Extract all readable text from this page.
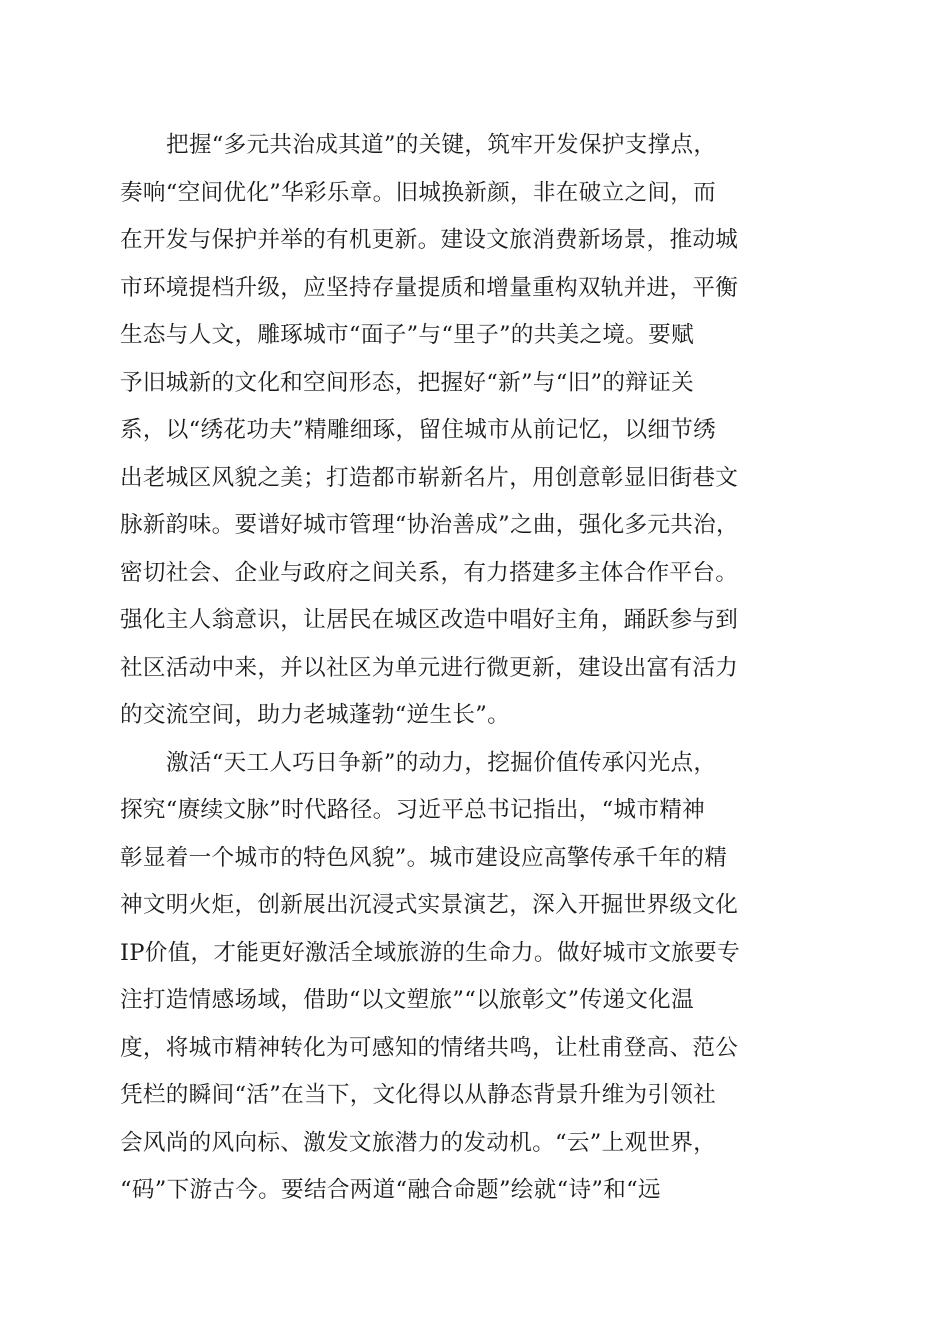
把握“多元共治成其道”的关键，筑牢开发保护支撑点，
奏响“空间优化”华彩乐章。旧城换新颜，非在破立之间，而
在开发与保护并举的有机更新。建设文旅消费新场景，推动城
市环境提档升级，应坚持存量提质和增量重构双轨并进，平衡
生态与人文，雕琢城市“面子”与“里子”的共美之境。要赋
予旧城新的文化和空间形态，把握好“新”与“旧”的辩证关
系，以“绣花功夫”精雕细琢，留住城市从前记忆，以细节绣
出老城区风貌之美；打造都市崭新名片，用创意彰显旧街巷文
脉新韵味。要谱好城市管理“协治善成”之曲，强化多元共治，
密切社会、企业与政府之间关系，有力搭建多主体合作平台。
强化主人翁意识，让居民在城区改造中唱好主角，踊跃参与到
社区活动中来，并以社区为单元进行微更新，建设出富有活力
的交流空间，助力老城蓬勃“逆生长”。
激活“天工人巧日争新”的动力，挖掘价值传承闪光点，
探究“赓续文脉”时代路径。习近平总书记指出，“城市精神
彰显着一个城市的特色风貌”。城市建设应高擎传承千年的精
神文明火炬，创新展出沉浸式实景演艺，深入开掘世界级文化
IP价值，才能更好激活全域旅游的生命力。做好城市文旅要专
注打造情感场域，借助“以文塑旅”“以旅彰文”传递文化温
度，将城市精神转化为可感知的情绪共鸣，让杜甫登高、范公
凭栏的瞬间“活”在当下，文化得以从静态背景升维为引领社
会风尚的风向标、激发文旅潜力的发动机。“云”上观世界，
“码”下游古今。要结合两道“融合命题”绘就“诗”和“远
